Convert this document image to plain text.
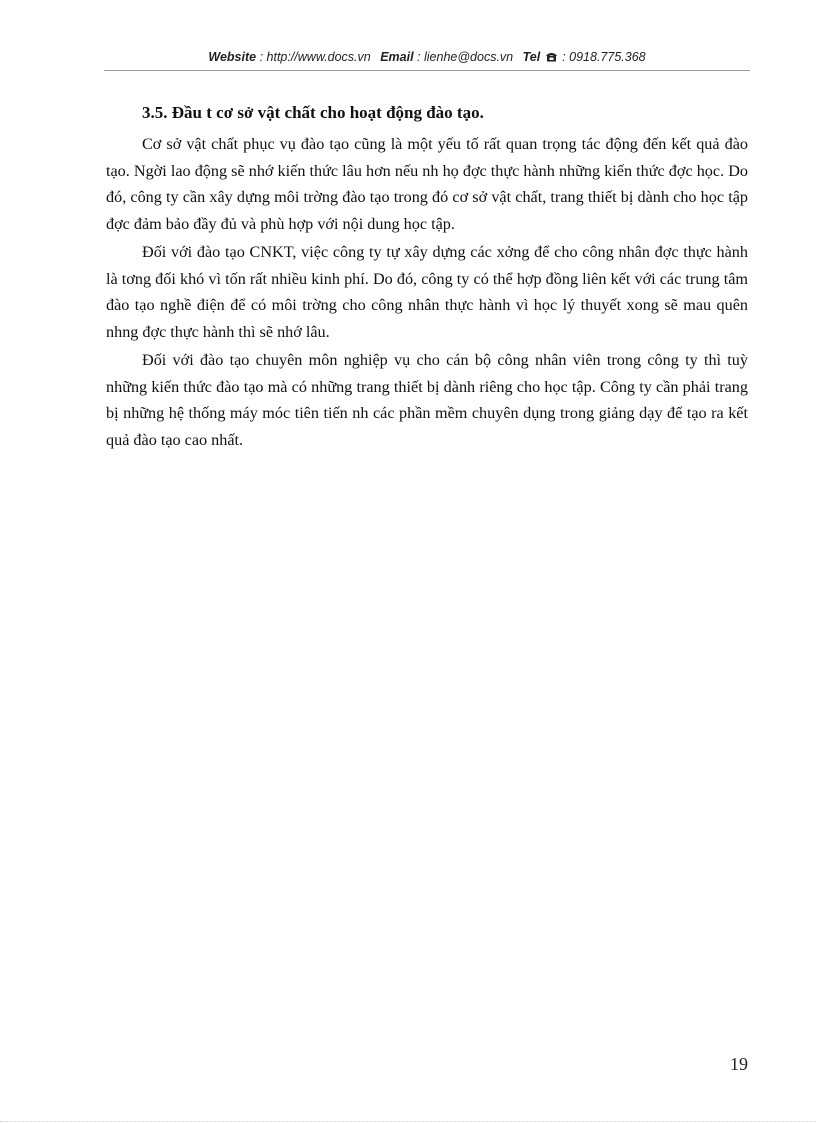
Website : http://www.docs.vn Email : lienhe@docs.vn Tel  : 0918.775.368
3.5. Đầu t cơ sở vật chất cho hoạt động đào tạo.

Cơ sở vật chất phục vụ đào tạo cũng là một yếu tố rất quan trọng tác động đến kết quả đào tạo. Ngời lao động sẽ nhớ kiến thức lâu hơn nếu nh họ đợc thực hành những kiến thức đợc học. Do đó, công ty cần xây dựng môi trờng đào tạo trong đó cơ sở vật chất, trang thiết bị dành cho học tập đợc đảm bảo đầy đủ và phù hợp với nội dung học tập.

Đối với đào tạo CNKT, việc công ty tự xây dựng các xởng để cho công nhân đợc thực hành là tơng đối khó vì tốn rất nhiều kinh phí. Do đó, công ty có thể hợp đồng liên kết với các trung tâm đào tạo nghề điện để có môi trờng cho công nhân thực hành vì học lý thuyết xong sẽ mau quên nhng đợc thực hành thì sẽ nhớ lâu.

Đối với đào tạo chuyên môn nghiệp vụ cho cán bộ công nhân viên trong công ty thì tuỳ những kiến thức đào tạo mà có những trang thiết bị dành riêng cho học tập. Công ty cần phải trang bị những hệ thống máy móc tiên tiến nh các phần mềm chuyên dụng trong giảng dạy để tạo ra kết quả đào tạo cao nhất.

19
